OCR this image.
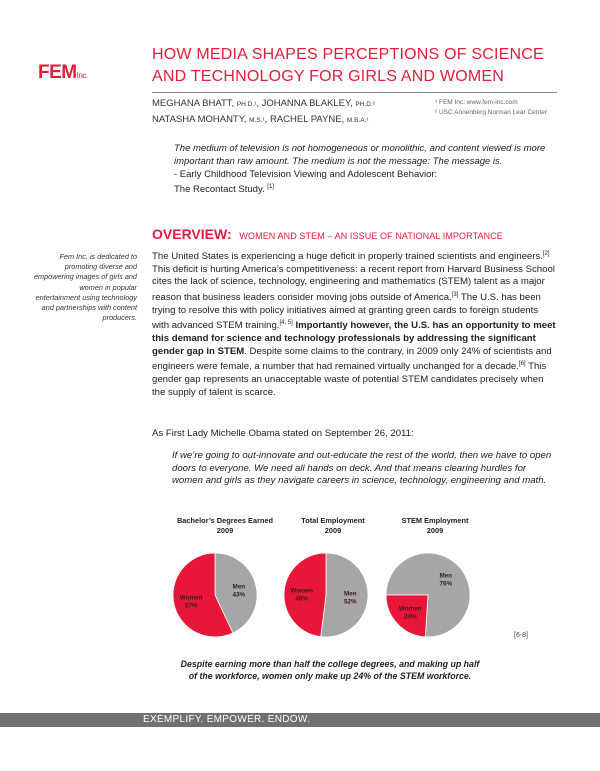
FEMInc.
HOW MEDIA SHAPES PERCEPTIONS OF SCIENCE
AND TECHNOLOGY FOR GIRLS AND WOMEN
MEGHANA BHATT, PH.D.¹, JOHANNA BLAKLEY, PH.D.²
NATASHA MOHANTY, M.S.¹, RACHEL PAYNE, M.B.A.¹
¹ FEM Inc: www.fem-inc.com
² USC Annenberg Norman Lear Center
The medium of television is not homogeneous or monolithic, and content viewed is more important than raw amount. The medium is not the message: The message is.
- Early Childhood Television Viewing and Adolescent Behavior:
The Recontact Study. [1]
OVERVIEW: WOMEN AND STEM – AN ISSUE OF NATIONAL IMPORTANCE
Fem Inc. is dedicated to promoting diverse and empowering images of girls and women in popular entertainment using technology and partnerships with content producers.
The United States is experiencing a huge deficit in properly trained scientists and engineers.[2] This deficit is hurting America’s competitiveness: a recent report from Harvard Business School cites the lack of science, technology, engineering and mathematics (STEM) talent as a major reason that business leaders consider moving jobs outside of America.[3] The U.S. has been trying to resolve this with policy initiatives aimed at granting green cards to foreign students with advanced STEM training.[4, 5] Importantly however, the U.S. has an opportunity to meet this demand for science and technology professionals by addressing the significant gender gap in STEM. Despite some claims to the contrary, in 2009 only 24% of scientists and engineers were female, a number that had remained virtually unchanged for a decade.[6] This gender gap represents an unacceptable waste of potential STEM candidates precisely when the supply of talent is scarce.
As First Lady Michelle Obama stated on September 26, 2011:
If we’re going to out-innovate and out-educate the rest of the world, then we have to open doors to everyone. We need all hands on deck. And that means clearing hurdles for women and girls as they navigate careers in science, technology, engineering and math.
Bachelor’s Degrees Earned
2009
Total Employment
2009
STEM Employment
2009
Men
43%
Women
57%
Men
52%
Women
48%
Men
76%
Women
24%
[6-8]
Despite earning more than half the college degrees, and making up half of the workforce, women only make up 24% of the STEM workforce.
EXEMPLIFY. EMPOWER. ENDOW.
